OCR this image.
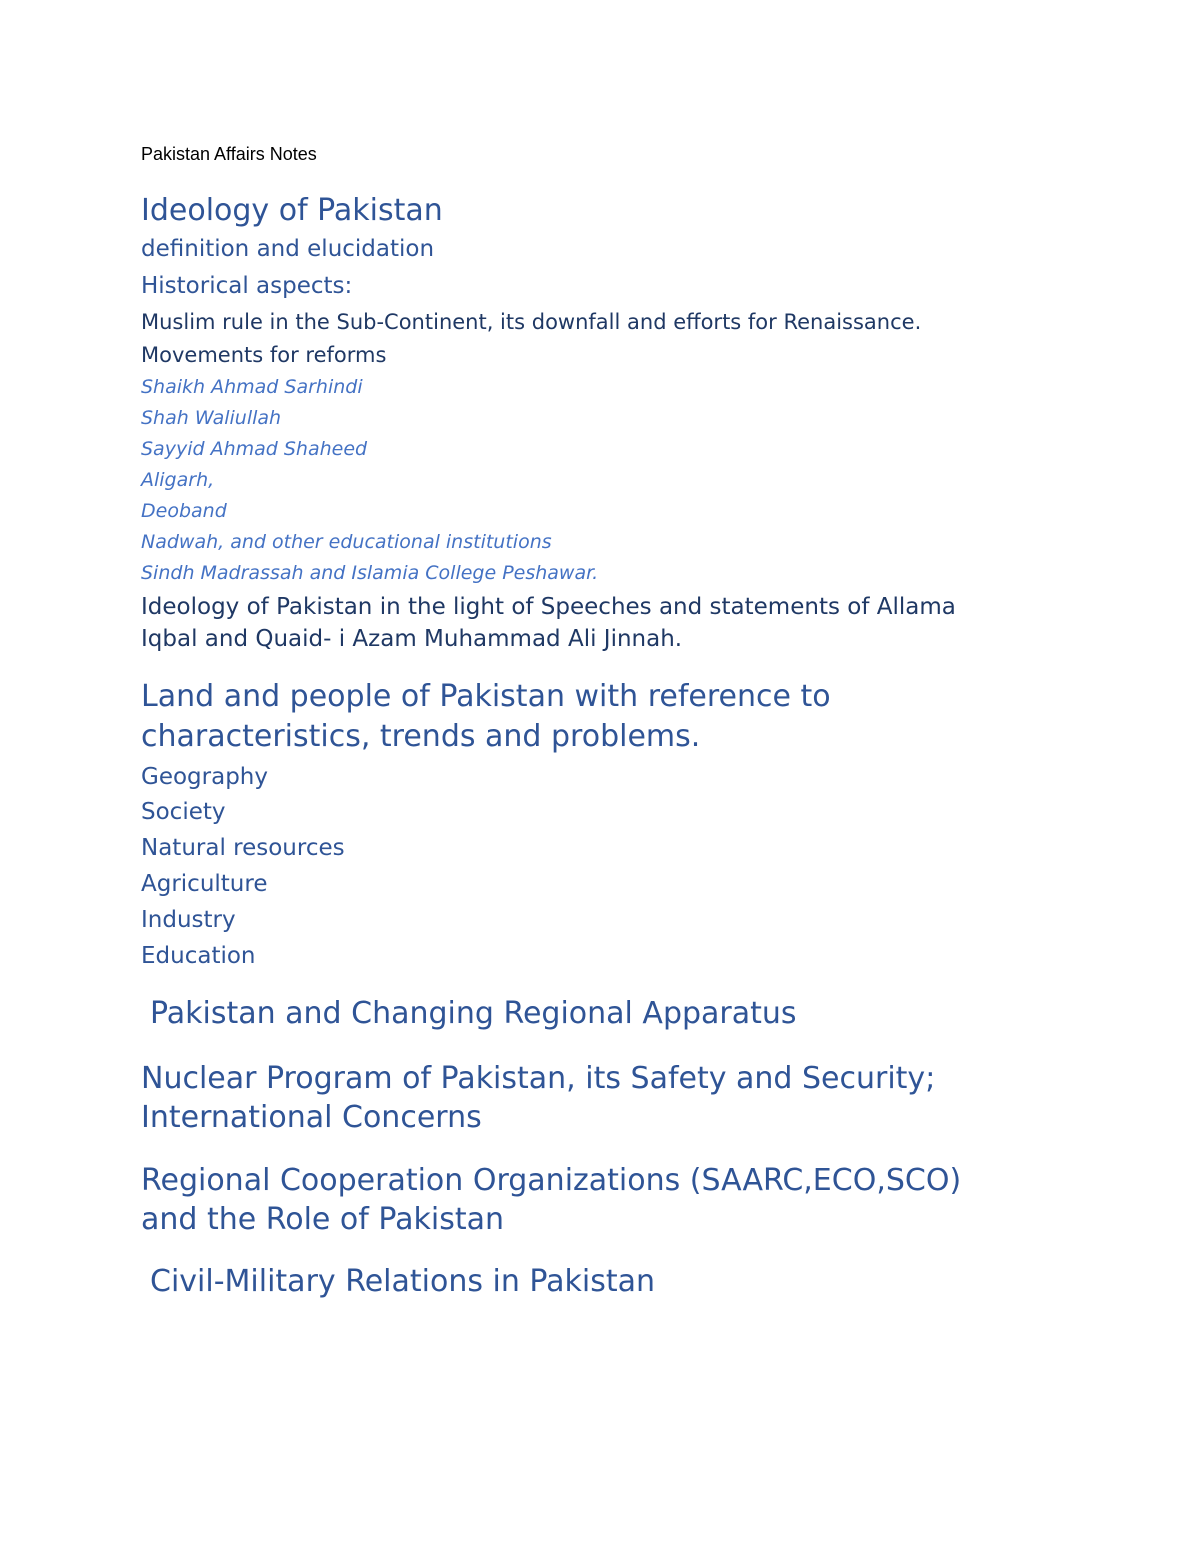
Pakistan Affairs Notes
Ideology of Pakistan
definition and elucidation
Historical aspects:
Muslim rule in the Sub-Continent, its downfall and efforts for Renaissance.
Movements for reforms
Shaikh Ahmad Sarhindi
Shah Waliullah
Sayyid Ahmad Shaheed
Aligarh,
Deoband
Nadwah, and other educational institutions
Sindh Madrassah and Islamia College Peshawar.
Ideology of Pakistan in the light of Speeches and statements of Allama
Iqbal and Quaid- i Azam Muhammad Ali Jinnah.
Land and people of Pakistan with reference to
characteristics, trends and problems.
Geography
Society
Natural resources
Agriculture
Industry
Education
Pakistan and Changing Regional Apparatus
Nuclear Program of Pakistan, its Safety and Security;
International Concerns
Regional Cooperation Organizations (SAARC,ECO,SCO)
and the Role of Pakistan
Civil-Military Relations in Pakistan
